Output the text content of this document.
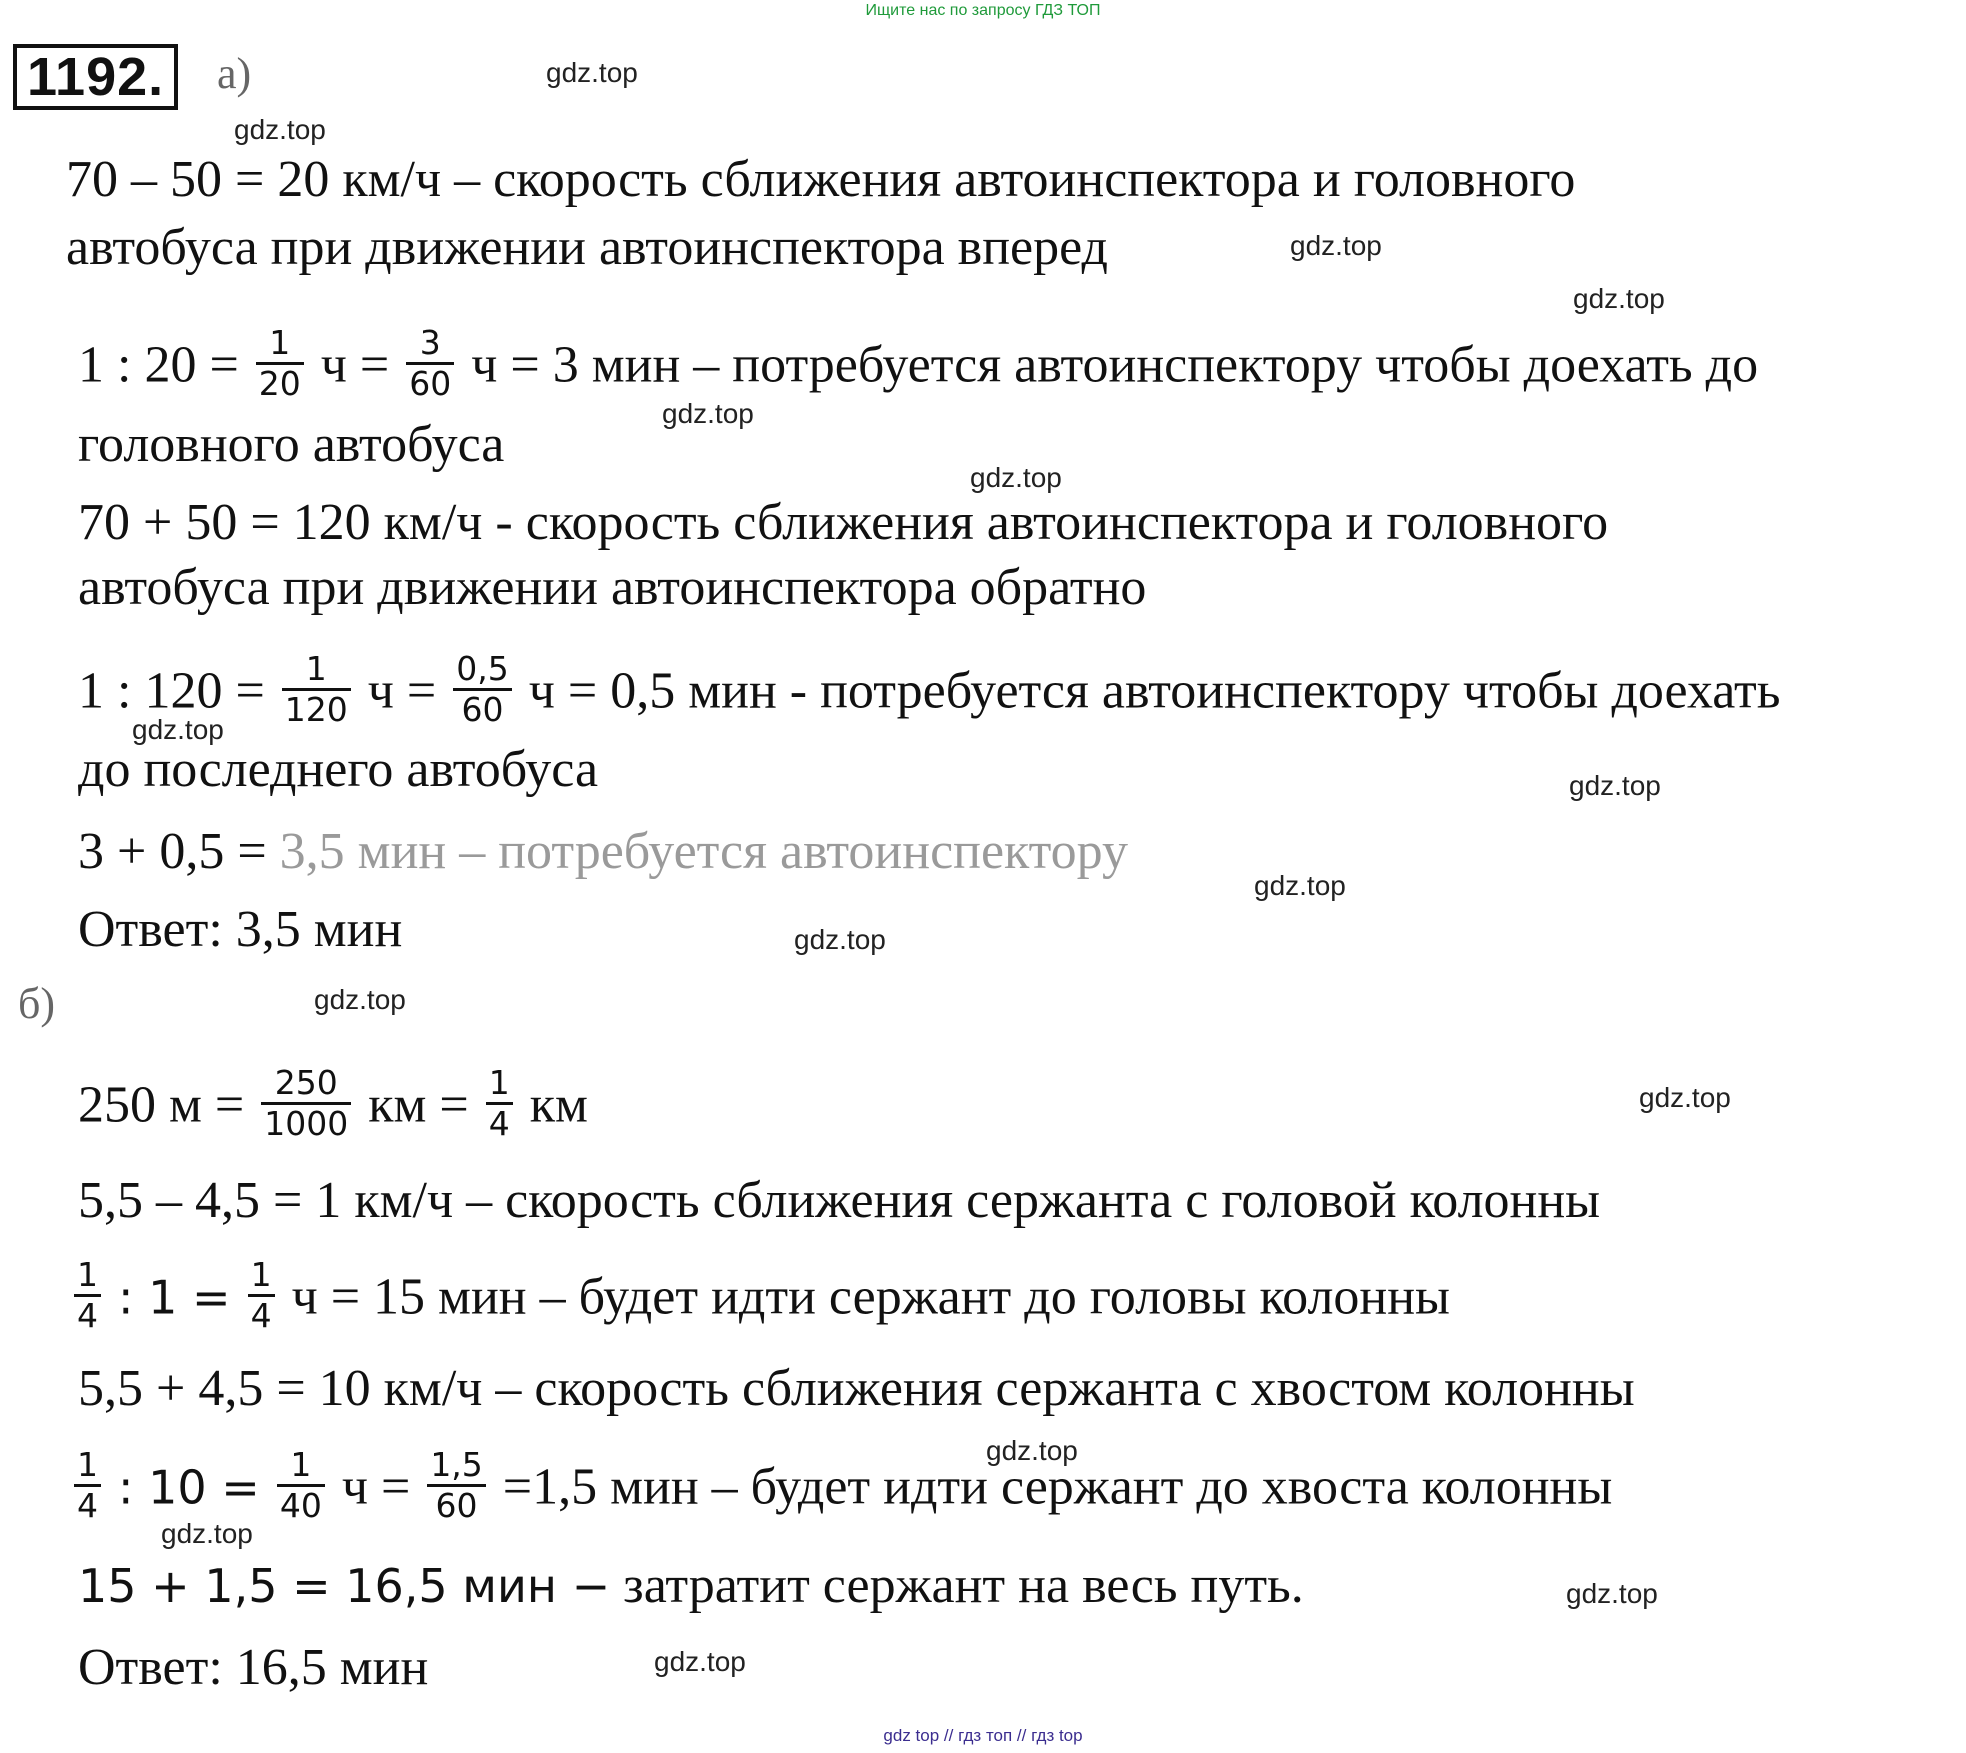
Ищите нас по запросу ГДЗ ТОП
1192.	а)
70 – 50 = 20 км/ч – скорость сближения автоинспектора и головного
автобуса при движении автоинспектора вперед
1 : $20 = \frac{1}{20}$ $ч = \frac{3}{60}$ ч = 3 мин – потребуется автоинспектору чтобы доехать до
головного автобуса
70 + 50 = 120 км/ч - скорость сближения автоинспектора и головного
автобуса при движении автоинспектора обратно
1 : $120 = \frac{1}{120}$ $ч = \frac{0,5}{60}$ ч = 0,5 мин - потребуется автоинспектору чтобы доехать
до последнего автобуса
3 + 0,5 = 3,5 мин – потребуется автоинспектору
Ответ: 3,5 мин
б)
250 $м = \frac{250}{1000}$ км = $\frac{1}{4}$ км
5,5 – 4,5 = 1 км/ч – скорость сближения сержанта с головой колонны
$\frac{1}{4}$ : $1 = \frac{1}{4}$ ч = 15 мин – будет идти сержант до головы колонны
5,5 + 4,5 = 10 км/ч – скорость сближения сержанта с хвостом колонны
$\frac{1}{4}$ : $10 = \frac{1}{40}$ $ч = \frac{1,5}{60} =1,5$ мин – будет идти сержант до хвоста колонны
15 + 1,5 = 16,5 мин − затратит сержант на весь путь.
Ответ: 16,5 мин
gdz.top
gdz.top
gdz.top
gdz.top
gdz.top
gdz.top
gdz.top
gdz.top
gdz.top
gdz.top
gdz.top
gdz.top
gdz.top
gdz.top
gdz.top
gdz.top
gdz top // гдз топ // гдз top
